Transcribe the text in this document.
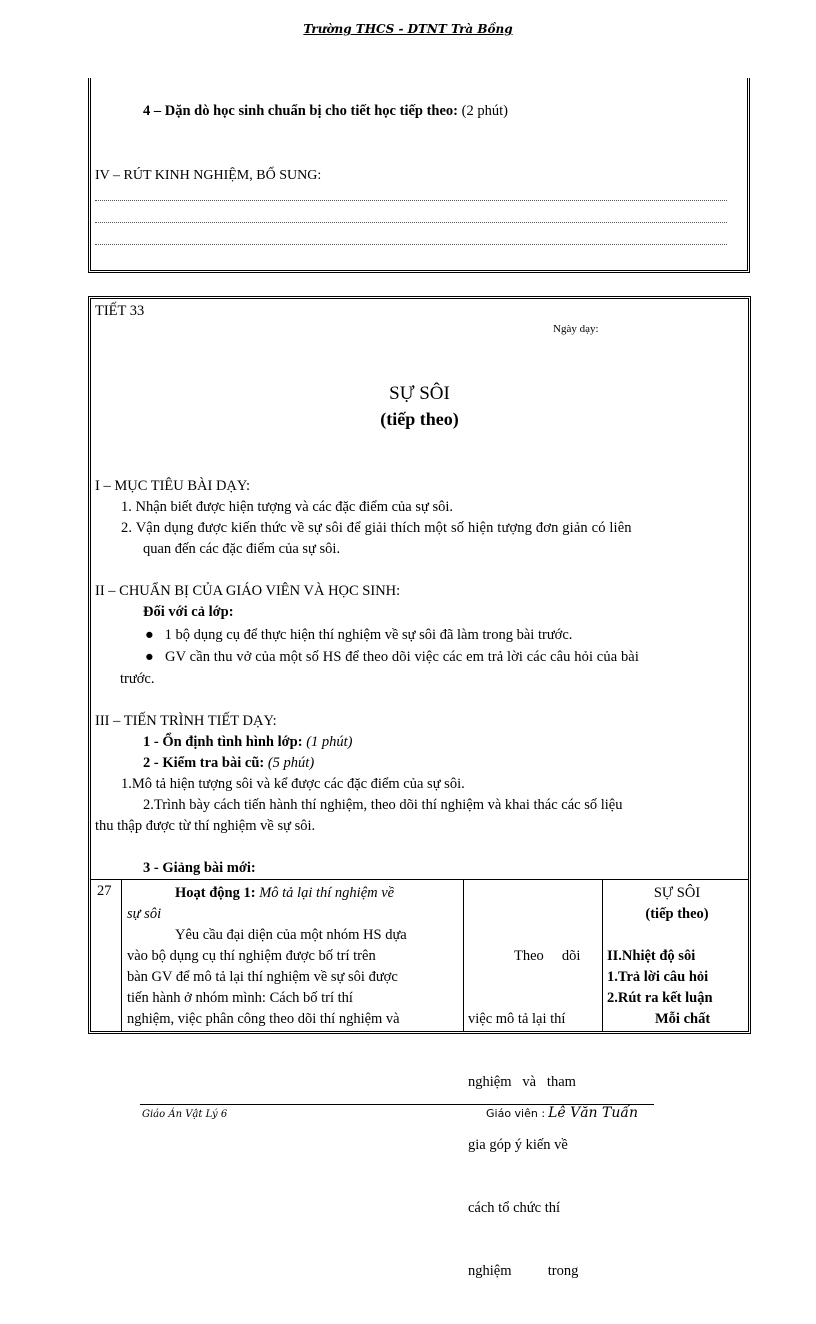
Trường THCS - DTNT Trà Bồng
4 – Dặn dò học sinh chuẩn bị cho tiết học tiếp theo: (2 phút)
IV – RÚT KINH NGHIỆM, BỔ SUNG:
TIẾT 33
Ngày dạy:
SỰ SÔI
(tiếp theo)
I – MỤC TIÊU BÀI DẠY:
1. Nhận biết được hiện tượng và các đặc điểm của sự sôi.
2. Vận dụng được kiến thức về sự sôi để giải thích một số hiện tượng đơn giản có liên
quan đến các đặc điểm của sự sôi.
II – CHUẨN BỊ CỦA GIÁO VIÊN VÀ HỌC SINH:
Đối với cả lớp:
● 1 bộ dụng cụ để thực hiện thí nghiệm về sự sôi đã làm trong bài trước.
● GV cần thu vở của một số HS để theo dõi việc các em trả lời các câu hỏi của bài
trước.
III – TIẾN TRÌNH TIẾT DẠY:
1 - Ổn định tình hình lớp: (1 phút)
2 - Kiểm tra bài cũ: (5 phút)
1.Mô tả hiện tượng sôi và kể được các đặc điểm của sự sôi.
2.Trình bày cách tiến hành thí nghiệm, theo dõi thí nghiệm và khai thác các số liệu
thu thập được từ thí nghiệm về sự sôi.
3 - Giảng bài mới:
27	Hoạt động 1: Mô tả lại thí nghiệm về
sự sôi
Yêu cầu đại diện của một nhóm HS dựa
vào bộ dụng cụ thí nghiệm được bố trí trên
bàn GV để mô tả lại thí nghiệm về sự sôi được
tiến hành ở nhóm mình: Cách bố trí thí
nghiệm, việc phân công theo dõi thí nghiệm và

Theo     dõi

việc mô tả lại thí

nghiệm   và   tham

gia góp ý kiến về

cách tổ chức thí

nghiệm          trong

SỰ SÔI
(tiếp theo)
II.Nhiệt độ sôi
1.Trả lời câu hỏi
2.Rút ra kết luận
Mỗi chất
Giáo Án Vật Lý 6	Giáo viên : Lê Văn Tuấn
